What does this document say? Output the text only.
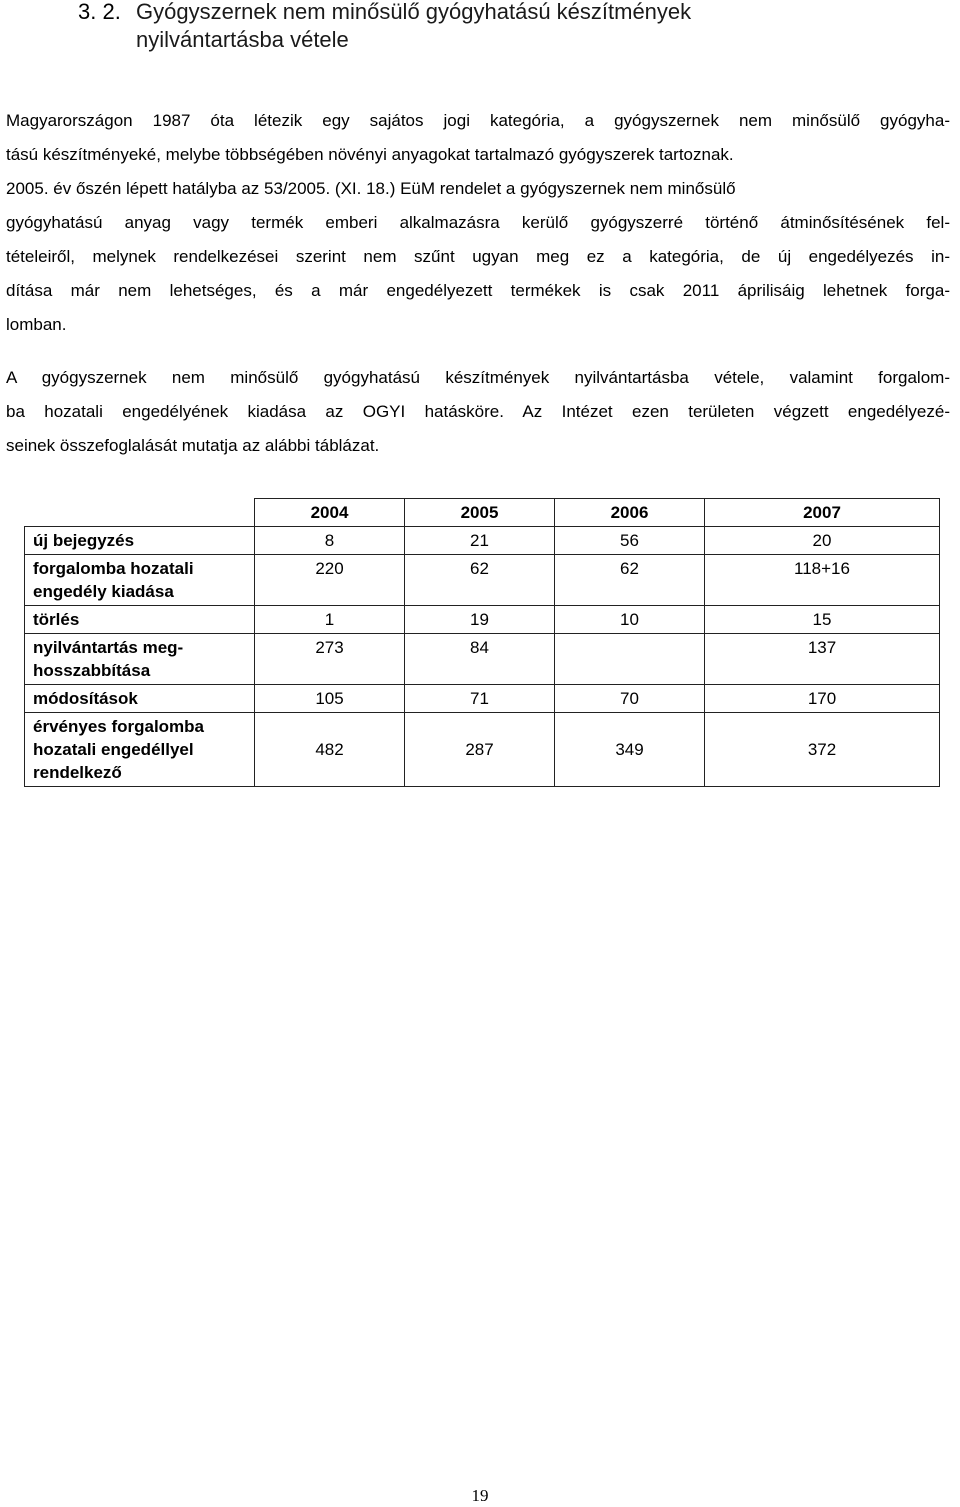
3. 2. Gyógyszernek nem minősülő gyógyhatású készítmények
nyilvántartásba vétele

Magyarországon 1987 óta létezik egy sajátos jogi kategória, a gyógyszernek nem minősülő gyógyha-
tású készítményeké, melybe többségében növényi anyagokat tartalmazó gyógyszerek tartoznak.
2005. év őszén lépett hatályba az 53/2005. (XI. 18.) EüM rendelet a gyógyszernek nem minősülő
gyógyhatású anyag vagy termék emberi alkalmazásra kerülő gyógyszerré történő átminősítésének fel-
tételeiről, melynek rendelkezései szerint nem szűnt ugyan meg ez a kategória, de új engedélyezés in-
dítása már nem lehetséges, és a már engedélyezett termékek is csak 2011 áprilisáig lehetnek forga-
lomban.

A gyógyszernek nem minősülő gyógyhatású készítmények nyilvántartásba vétele, valamint forgalom-
ba hozatali engedélyének kiadása az OGYI hatásköre. Az Intézet ezen területen végzett engedélyezé-
seinek összefoglalását mutatja az alábbi táblázat.

	2004	2005	2006	2007
új bejegyzés	8	21	56	20
forgalomba hozatali engedély kiadása	220	62	62	118+16
törlés	1	19	10	15
nyilvántartás meg-hosszabbítása	273	84		137
módosítások	105	71	70	170
érvényes forgalomba hozatali engedéllyel rendelkező	482	287	349	372
19
